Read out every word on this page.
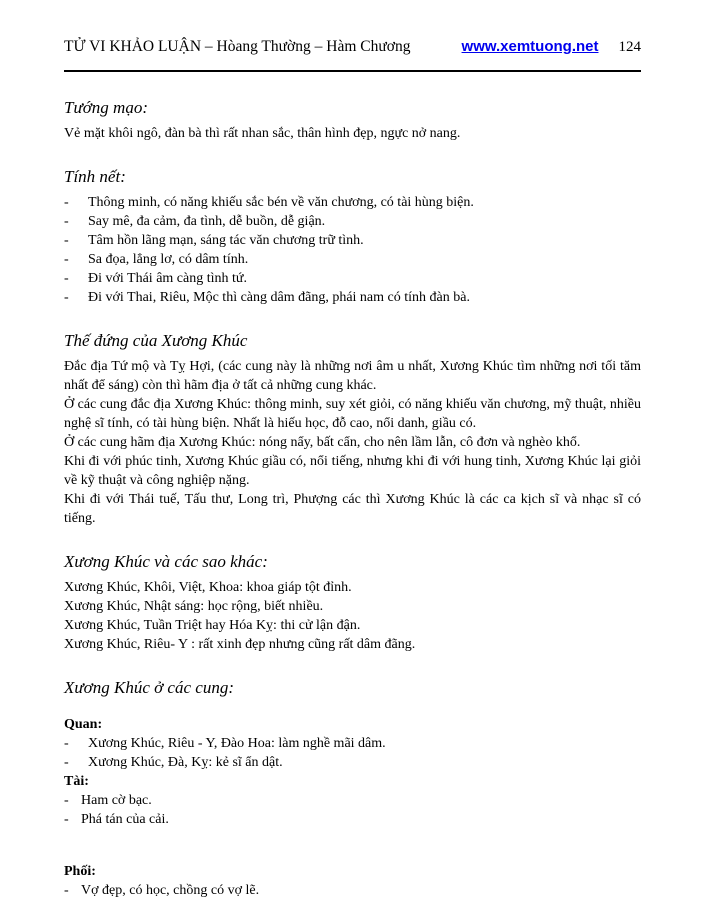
TỬ VI KHẢO LUẬN – Hòang Thường – Hàm Chương	www.xemtuong.net 124
Tướng mạo:

Vẻ mặt khôi ngô, đàn bà thì rất nhan sắc, thân hình đẹp, ngực nở nang.

Tính nết:
-
Thông minh, có năng khiếu sắc bén về văn chương, có tài hùng biện.
-
Say mê, đa cảm, đa tình, dễ buồn, dễ giận.
-
Tâm hồn lãng mạn, sáng tác văn chương trữ tình.
-
Sa đọa, lẳng lơ, có dâm tính.
-
Đi với Thái âm càng tình tứ.
-
Đi với Thai, Riêu, Mộc thì càng dâm đãng, phái nam có tính đàn bà.
Thế đứng của Xương Khúc

Đắc địa Tứ mộ và Tỵ Hợi, (các cung này là những nơi âm u nhất, Xương Khúc tìm những nơi tối tăm nhất để sáng) còn thì hãm địa ở tất cả những cung khác.

Ở các cung đắc địa Xương Khúc: thông minh, suy xét giỏi, có năng khiếu văn chương, mỹ thuật, nhiều nghệ sĩ tính, có tài hùng biện. Nhất là hiếu học, đỗ cao, nổi danh, giầu có.

Ở các cung hãm địa Xương Khúc: nóng nẩy, bất cẩn, cho nên lầm lẫn, cô đơn và nghèo khổ.

Khi đi với phúc tinh, Xương Khúc giầu có, nổi tiếng, nhưng khi đi với hung tinh, Xương Khúc lại giỏi về kỹ thuật và công nghiệp nặng.

Khi đi với Thái tuế, Tấu thư, Long trì, Phượng các thì Xương Khúc là các ca kịch sĩ và nhạc sĩ có tiếng.

Xương Khúc và các sao khác:

Xương Khúc, Khôi, Việt, Khoa: khoa giáp tột đỉnh.

Xương Khúc, Nhật sáng: học rộng, biết nhiều.

Xương Khúc, Tuần Triệt hay Hóa Kỵ: thi cử lận đận.

Xương Khúc, Riêu- Y : rất xinh đẹp nhưng cũng rất dâm đãng.

Xương Khúc ở các cung:

Quan:

-
Xương Khúc, Riêu - Y, Đào Hoa: làm nghề mãi dâm.
-
Xương Khúc, Đà, Kỵ: kẻ sĩ ẩn dật.

Tài:

-
Ham cờ bạc.
-
Phá tán của cải.

Phối:

-
Vợ đẹp, có học, chồng có vợ lẽ.
